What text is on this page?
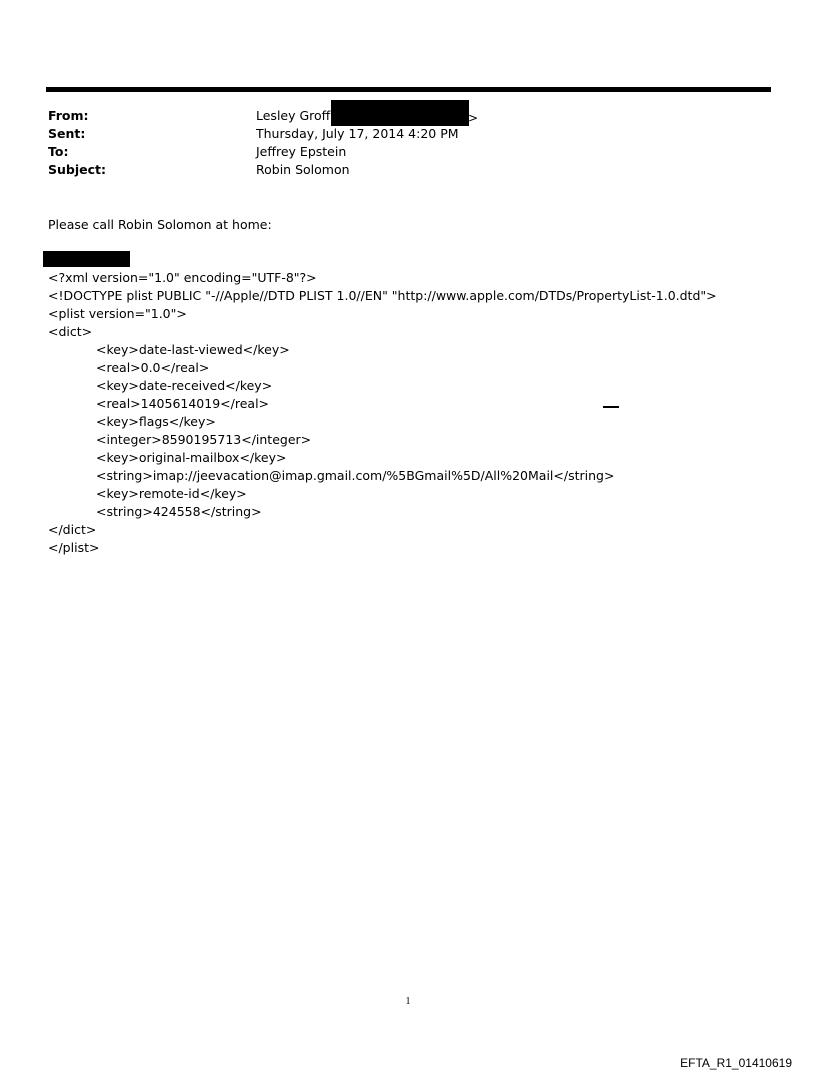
From:	Lesley Groff	>
Sent:	Thursday, July 17, 2014 4:20 PM
To:	Jeffrey Epstein
Subject:	Robin Solomon
Please call Robin Solomon at home:
<?xml version="1.0" encoding="UTF-8"?>
<!DOCTYPE plist PUBLIC "-//Apple//DTD PLIST 1.0//EN" "http://www.apple.com/DTDs/PropertyList-1.0.dtd">
<plist version="1.0">
<dict>
<key>date-last-viewed</key>
<real>0.0</real>
<key>date-received</key>
<real>1405614019</real>
<key>flags</key>
<integer>8590195713</integer>
<key>original-mailbox</key>
<string>imap://jeevacation@imap.gmail.com/%5BGmail%5D/All%20Mail</string>
<key>remote-id</key>
<string>424558</string>
</dict>
</plist>
1
EFTA_R1_01410619
